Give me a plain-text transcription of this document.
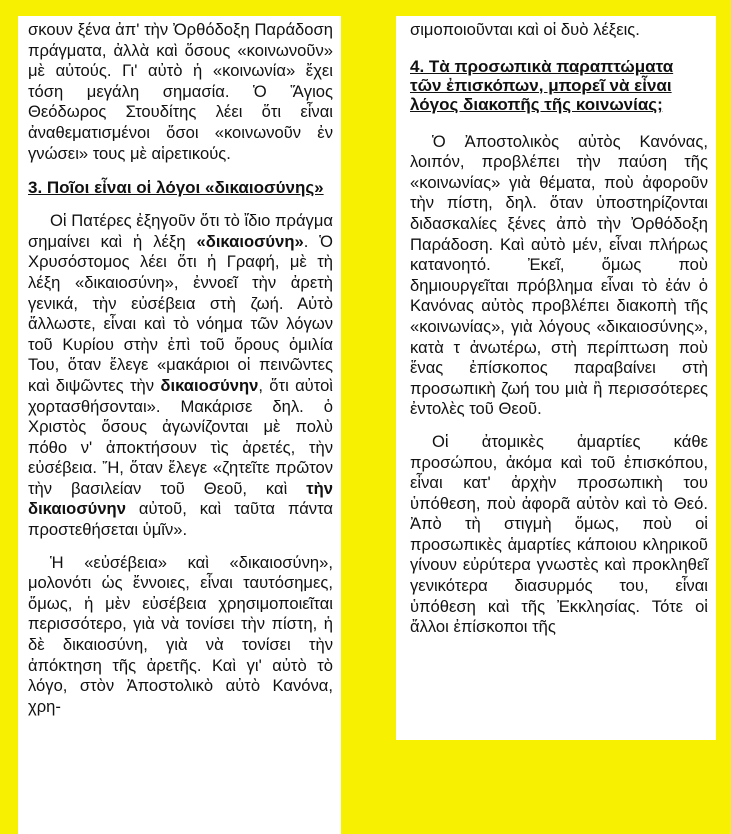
σκουν ξένα ἀπ' τὴν Ὀρθόδοξη Παράδοση πράγματα, ἀλλὰ καὶ ὅσους «κοινωνοῦν» μὲ αὐτούς. Γι' αὐτὸ ἡ «κοινωνία» ἔχει τόση μεγάλη σημασία. Ὁ Ἅγιος Θεόδωρος Στουδίτης λέει ὅτι εἶναι ἀναθεματισμένοι ὅσοι «κοινωνοῦν ἐν γνώσει» τους μὲ αἱρετικούς.

3. Ποῖοι εἶναι οἱ λόγοι «δικαιοσύνης»

Οἱ Πατέρες ἐξηγοῦν ὅτι τὸ ἴδιο πράγμα σημαίνει καὶ ἡ λέξη «δικαιοσύνη». Ὁ Χρυσόστομος λέει ὅτι ἡ Γραφή, μὲ τὴ λέξη «δικαιοσύνη», ἐννοεῖ τὴν ἀρετὴ γενικά, τὴν εὐσέβεια στὴ ζωή. Αὐτὸ ἄλλωστε, εἶναι καὶ τὸ νόημα τῶν λόγων τοῦ Κυρίου στὴν ἐπὶ τοῦ ὄρους ὁμιλία Του, ὅταν ἔλεγε «μακάριοι οἱ πεινῶντες καὶ διψῶντες τὴν δικαιοσύνην, ὅτι αὐτοὶ χορτασθήσονται». Μακάρισε δηλ. ὁ Χριστὸς ὅσους ἀγωνίζονται μὲ πολὺ πόθο ν' ἀποκτήσουν τὶς ἀρετές, τὴν εὐσέβεια. Ἤ, ὅταν ἔλεγε «ζητεῖτε πρῶτον τὴν βασιλείαν τοῦ Θεοῦ, καὶ τὴν δικαιοσύνην αὐτοῦ, καὶ ταῦτα πάντα προστεθήσεται ὑμῖν».

Ἡ «εὐσέβεια» καὶ «δικαιοσύνη», μολονότι ὡς ἔννοιες, εἶναι ταυτόσημες, ὅμως, ἡ μὲν εὐσέβεια χρησιμοποιεῖται περισσότερο, γιὰ νὰ τονίσει τὴν πίστη, ἡ δὲ δικαιοσύνη, γιὰ νὰ τονίσει τὴν ἀπόκτηση τῆς ἀρετῆς. Καὶ γι' αὐτὸ τὸ λόγο, στὸν Ἀποστολικὸ αὐτὸ Κανόνα, χρη-

σιμοποιοῦνται καὶ οἱ δυὸ λέξεις.

4. Τὰ προσωπικὰ παραπτώματα τῶν ἐπισκόπων, μπορεῖ νὰ εἶναι λόγος διακοπῆς τῆς κοινωνίας;

Ὁ Ἀποστολικὸς αὐτὸς Κανόνας, λοιπόν, προβλέπει τὴν παύση τῆς «κοινωνίας» γιὰ θέματα, ποὺ ἀφοροῦν τὴν πίστη, δηλ. ὅταν ὑποστηρίζονται διδασκαλίες ξένες ἀπὸ τὴν Ὀρθόδοξη Παράδοση. Καὶ αὐτὸ μέν, εἶναι πλήρως κατανοητό. Ἐκεῖ, ὅμως ποὺ δημιουργεῖται πρόβλημα εἶναι τὸ ἐάν ὁ Κανόνας αὐτὸς προβλέπει διακοπὴ τῆς «κοινωνίας», γιὰ λόγους «δικαιοσύνης», κατὰ τ ἀνωτέρω, στὴ περίπτωση ποὺ ἕνας ἐπίσκοπος παραβαίνει στὴ προσωπικὴ ζωή του μιὰ ἢ περισσότερες ἐντολὲς τοῦ Θεοῦ.

Οἱ ἀτομικὲς ἁμαρτίες κάθε προσώπου, ἀκόμα καὶ τοῦ ἐπισκόπου, εἶναι κατ' ἀρχὴν προσωπικὴ του ὑπόθεση, ποὺ ἀφορᾶ αὐτὸν καὶ τὸ Θεό. Ἀπὸ τὴ στιγμὴ ὅμως, ποὺ οἱ προσωπικὲς ἁμαρτίες κάποιου κληρικοῦ γίνουν εὐρύτερα γνωστὲς καὶ προκληθεῖ γενικότερα διασυρμός του, εἶναι ὑπόθεση καὶ τῆς Ἐκκλησίας. Τότε οἱ ἄλλοι ἐπίσκοποι τῆς
